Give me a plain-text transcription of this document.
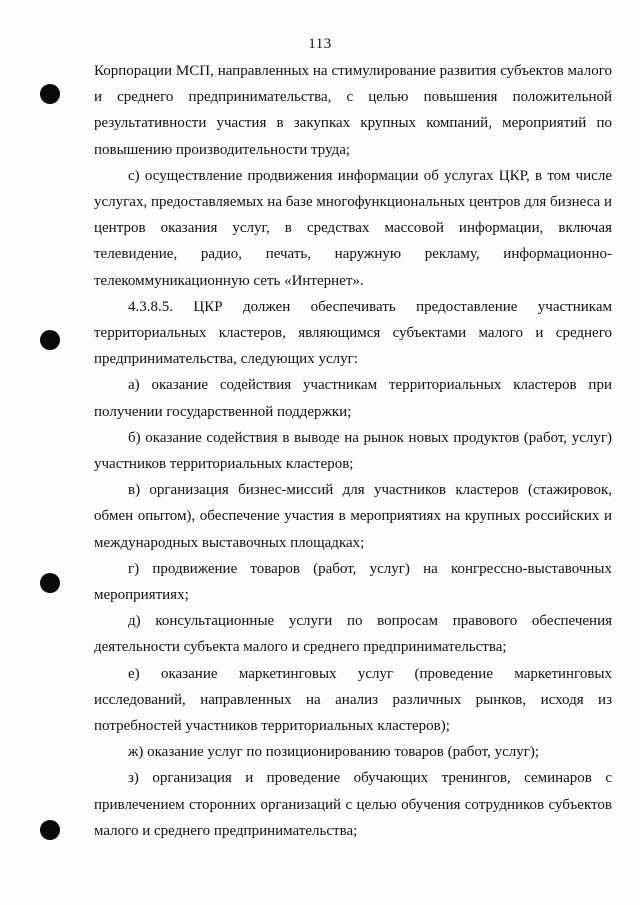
113

Корпорации МСП, направленных на стимулирование развития субъектов малого и среднего предпринимательства, с целью повышения положительной результативности участия в закупках крупных компаний, мероприятий по повышению производительности труда;

с) осуществление продвижения информации об услугах ЦКР, в том числе услугах, предоставляемых на базе многофункциональных центров для бизнеса и центров оказания услуг, в средствах массовой информации, включая телевидение, радио, печать, наружную рекламу, информационно-телекоммуникационную сеть «Интернет».

4.3.8.5. ЦКР должен обеспечивать предоставление участникам территориальных кластеров, являющимся субъектами малого и среднего предпринимательства, следующих услуг:

а) оказание содействия участникам территориальных кластеров при получении государственной поддержки;

б) оказание содействия в выводе на рынок новых продуктов (работ, услуг) участников территориальных кластеров;

в) организация бизнес-миссий для участников кластеров (стажировок, обмен опытом), обеспечение участия в мероприятиях на крупных российских и международных выставочных площадках;

г) продвижение товаров (работ, услуг) на конгрессно-выставочных мероприятиях;

д) консультационные услуги по вопросам правового обеспечения деятельности субъекта малого и среднего предпринимательства;

е) оказание маркетинговых услуг (проведение маркетинговых исследований, направленных на анализ различных рынков, исходя из потребностей участников территориальных кластеров);

ж) оказание услуг по позиционированию товаров (работ, услуг);

з) организация и проведение обучающих тренингов, семинаров с привлечением сторонних организаций с целью обучения сотрудников субъектов малого и среднего предпринимательства;
